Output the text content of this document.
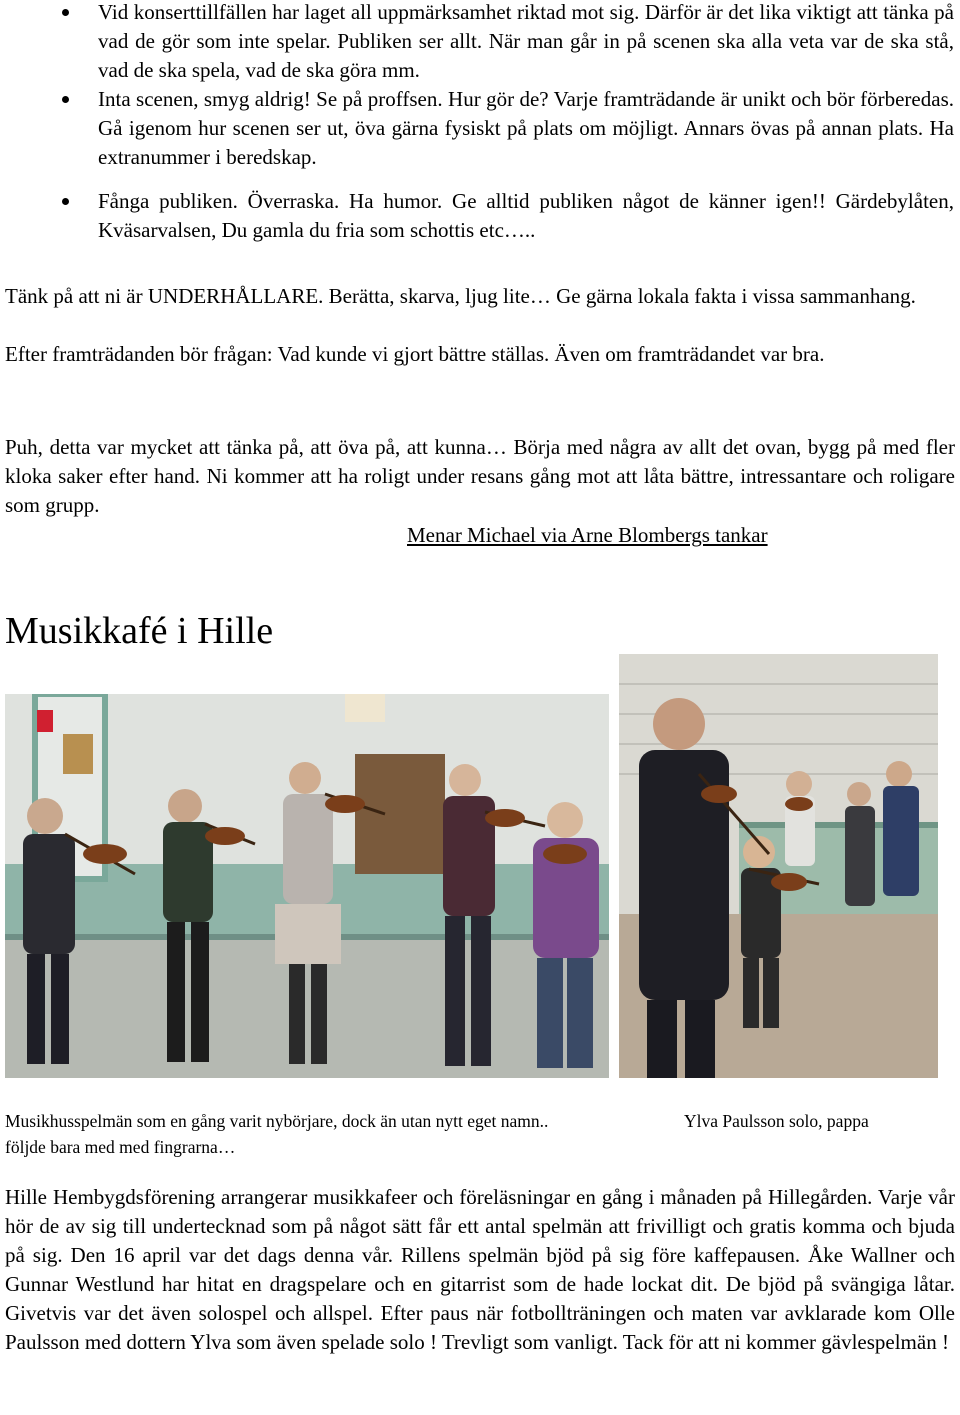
Vid konserttillfällen har laget all uppmärksamhet riktad mot sig. Därför är det lika viktigt att tänka på vad de gör som inte spelar. Publiken ser allt. När man går in på scenen ska alla veta var de ska stå, vad de ska spela, vad de ska göra mm.
Inta scenen, smyg aldrig! Se på proffsen. Hur gör de? Varje framträdande är unikt och bör förberedas. Gå igenom hur scenen ser ut, öva gärna fysiskt på plats om möjligt. Annars övas på annan plats. Ha extranummer i beredskap.
Fånga publiken. Överraska. Ha humor. Ge alltid publiken något de känner igen!! Gärdebylåten, Kväsarvalsen, Du gamla du fria som schottis etc…..

Tänk på att ni är UNDERHÅLLARE. Berätta, skarva, ljug lite… Ge gärna lokala fakta i vissa sammanhang.

Efter framträdanden bör frågan: Vad kunde vi gjort bättre ställas. Även om framträdandet var bra.

Puh, detta var mycket att tänka på, att öva på, att kunna… Börja med några av allt det ovan, bygg på med fler kloka saker efter hand. Ni kommer att ha roligt under resans gång mot att låta bättre, intressantare och roligare som grupp.

Menar Michael via Arne Blombergs tankar
Musikkafé i Hille
Musikhusspelmän som en gång varit nybörjare, dock än utan nytt eget namn..
följde bara med med fingrarna…
Ylva Paulsson solo, pappa

Hille Hembygdsförening arrangerar musikkafeer och föreläsningar en gång i månaden på Hillegården. Varje vår hör de av sig till undertecknad som på något sätt får ett antal spelmän att frivilligt och gratis komma och bjuda på sig. Den 16 april var det dags denna vår. Rillens spelmän bjöd på sig före kaffepausen. Åke Wallner och Gunnar Westlund har hitat en dragspelare och en gitarrist som de hade lockat dit. De bjöd på svängiga låtar. Givetvis var det även solospel och allspel. Efter paus när fotbollträningen och maten var avklarade kom Olle Paulsson med dottern Ylva som även spelade solo ! Trevligt som vanligt. Tack för att ni kommer gävlespelmän !
